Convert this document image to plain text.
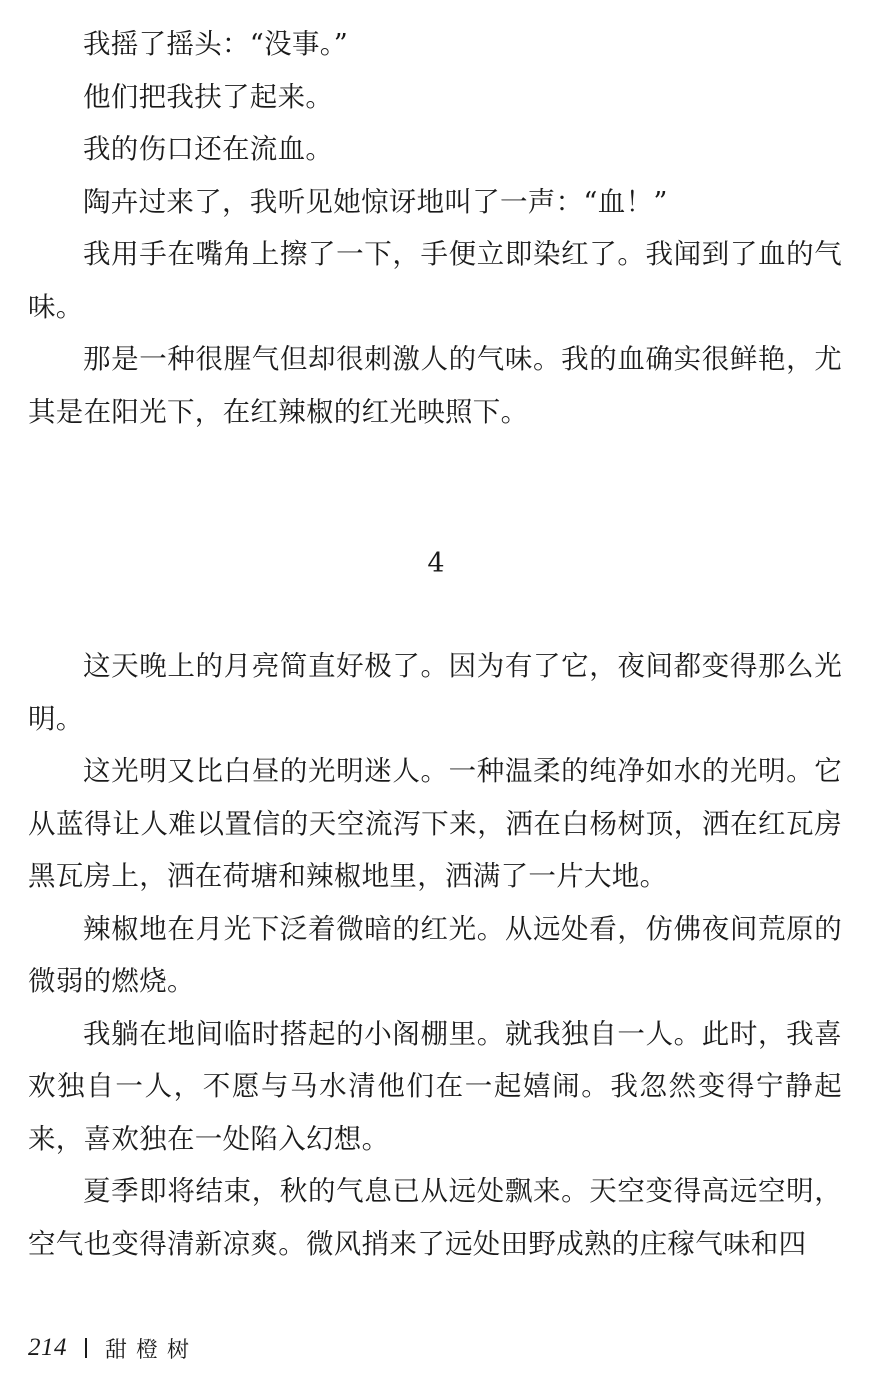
我摇了摇头：“没事。”

他们把我扶了起来。

我的伤口还在流血。

陶卉过来了，我听见她惊讶地叫了一声：“血！”

我用手在嘴角上擦了一下，手便立即染红了。我闻到了血的气味。

那是一种很腥气但却很刺激人的气味。我的血确实很鲜艳，尤其是在阳光下，在红辣椒的红光映照下。

4

这天晚上的月亮简直好极了。因为有了它，夜间都变得那么光明。

这光明又比白昼的光明迷人。一种温柔的纯净如水的光明。它从蓝得让人难以置信的天空流泻下来，洒在白杨树顶，洒在红瓦房黑瓦房上，洒在荷塘和辣椒地里，洒满了一片大地。

辣椒地在月光下泛着微暗的红光。从远处看，仿佛夜间荒原的微弱的燃烧。

我躺在地间临时搭起的小阁棚里。就我独自一人。此时，我喜欢独自一人，不愿与马水清他们在一起嬉闹。我忽然变得宁静起来，喜欢独在一处陷入幻想。

夏季即将结束，秋的气息已从远处飘来。天空变得高远空明，空气也变得清新凉爽。微风捎来了远处田野成熟的庄稼气味和四

214 甜橙树
